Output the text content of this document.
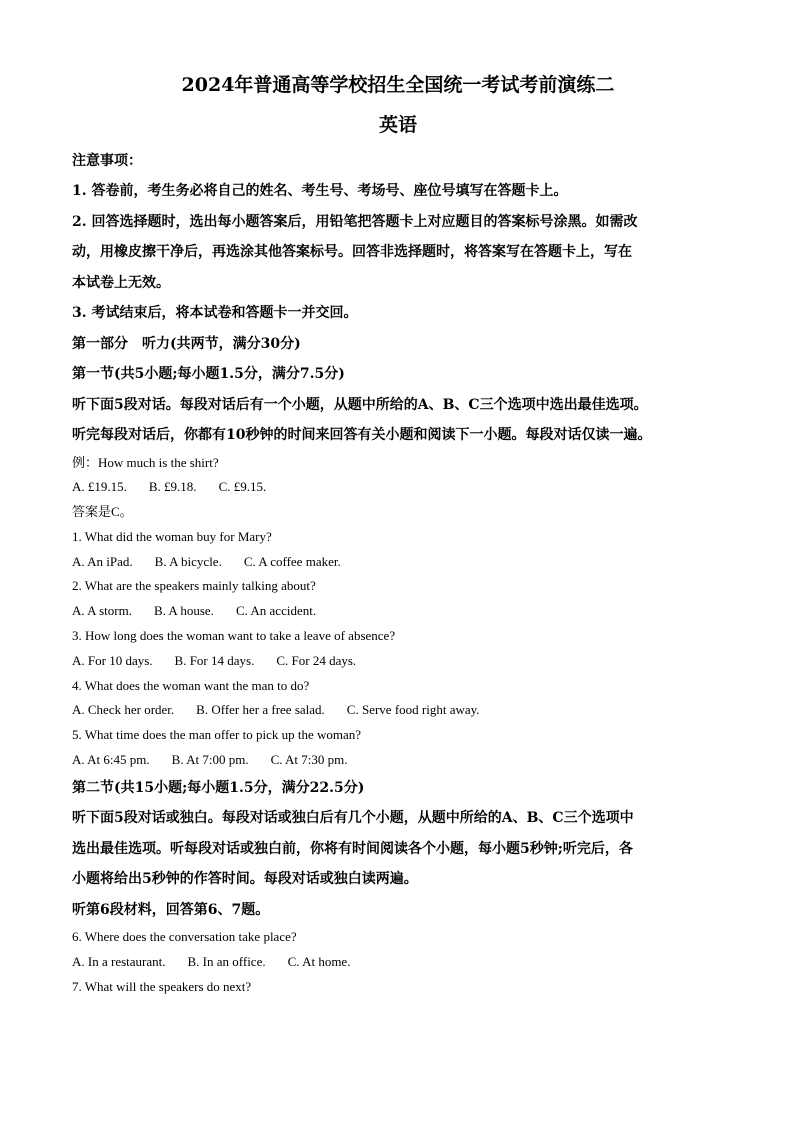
2024年普通高等学校招生全国统一考试考前演练二
英语

注意事项：

1. 答卷前，考生务必将自己的姓名、考生号、考场号、座位号填写在答题卡上。

2. 回答选择题时，选出每小题答案后，用铅笔把答题卡上对应题目的答案标号涂黑。如需改

动，用橡皮擦干净后，再选涂其他答案标号。回答非选择题时，将答案写在答题卡上，写在

本试卷上无效。

3. 考试结束后，将本试卷和答题卡一并交回。

第一部分　听力(共两节，满分30分)

第一节(共5小题;每小题1.5分，满分7.5分)

听下面5段对话。每段对话后有一个小题，从题中所给的A、B、C三个选项中选出最佳选项。

听完每段对话后，你都有10秒钟的时间来回答有关小题和阅读下一小题。每段对话仅读一遍。

例：How much is the shirt?

A. £19.15. B. £9.18. C. £9.15.

答案是C。

1. What did the woman buy for Mary?

A. An iPad. B. A bicycle. C. A coffee maker.

2. What are the speakers mainly talking about?

A. A storm. B. A house. C. An accident.

3. How long does the woman want to take a leave of absence?

A. For 10 days. B. For 14 days. C. For 24 days.

4. What does the woman want the man to do?

A. Check her order. B. Offer her a free salad. C. Serve food right away.

5. What time does the man offer to pick up the woman?

A. At 6:45 pm. B. At 7:00 pm. C. At 7:30 pm.

第二节(共15小题;每小题1.5分，满分22.5分)

听下面5段对话或独白。每段对话或独白后有几个小题，从题中所给的A、B、C三个选项中

选出最佳选项。听每段对话或独白前，你将有时间阅读各个小题，每小题5秒钟;听完后，各

小题将给出5秒钟的作答时间。每段对话或独白读两遍。

听第6段材料，回答第6、7题。

6. Where does the conversation take place?

A. In a restaurant. B. In an office. C. At home.

7. What will the speakers do next?
